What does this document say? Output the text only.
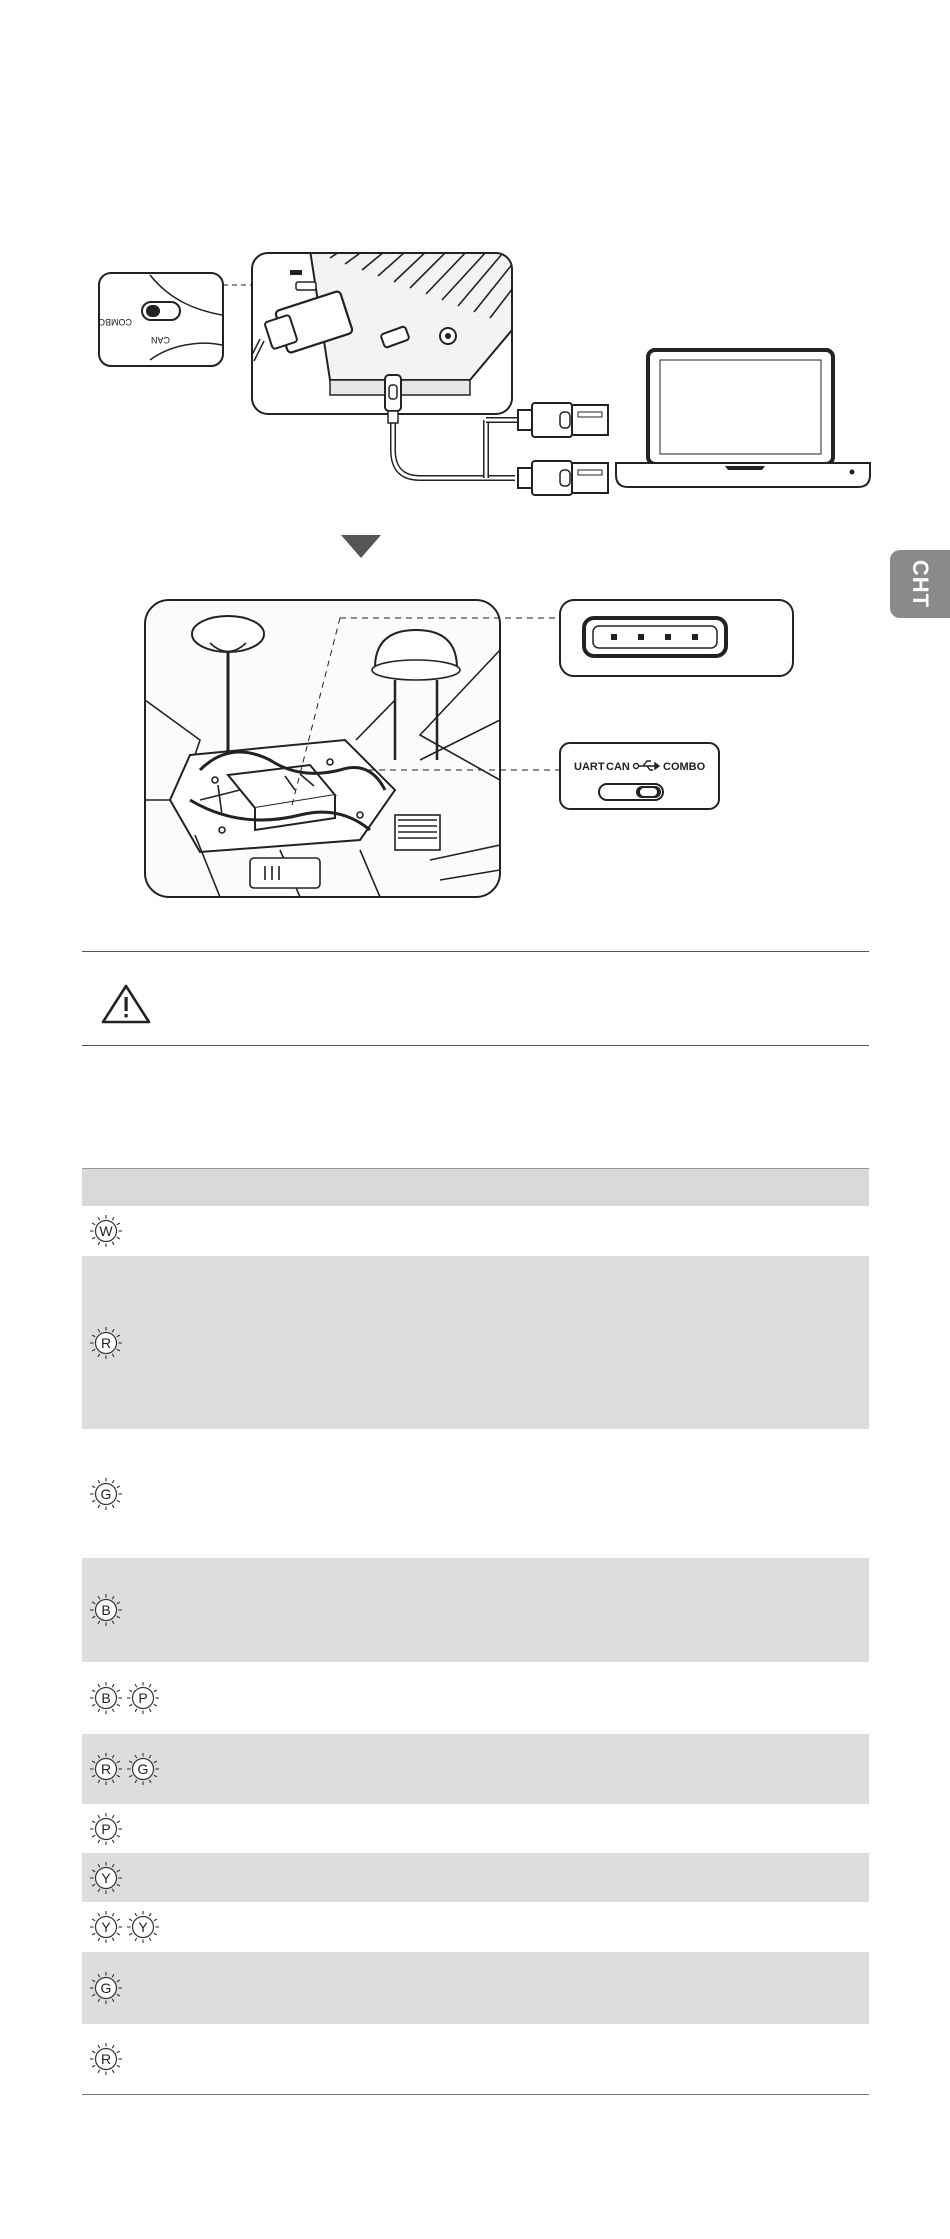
COMBO
CAN
UART CAN	COMBO
CHT
W
R
G
B
B P
R G
P
Y
Y Y
G
R
